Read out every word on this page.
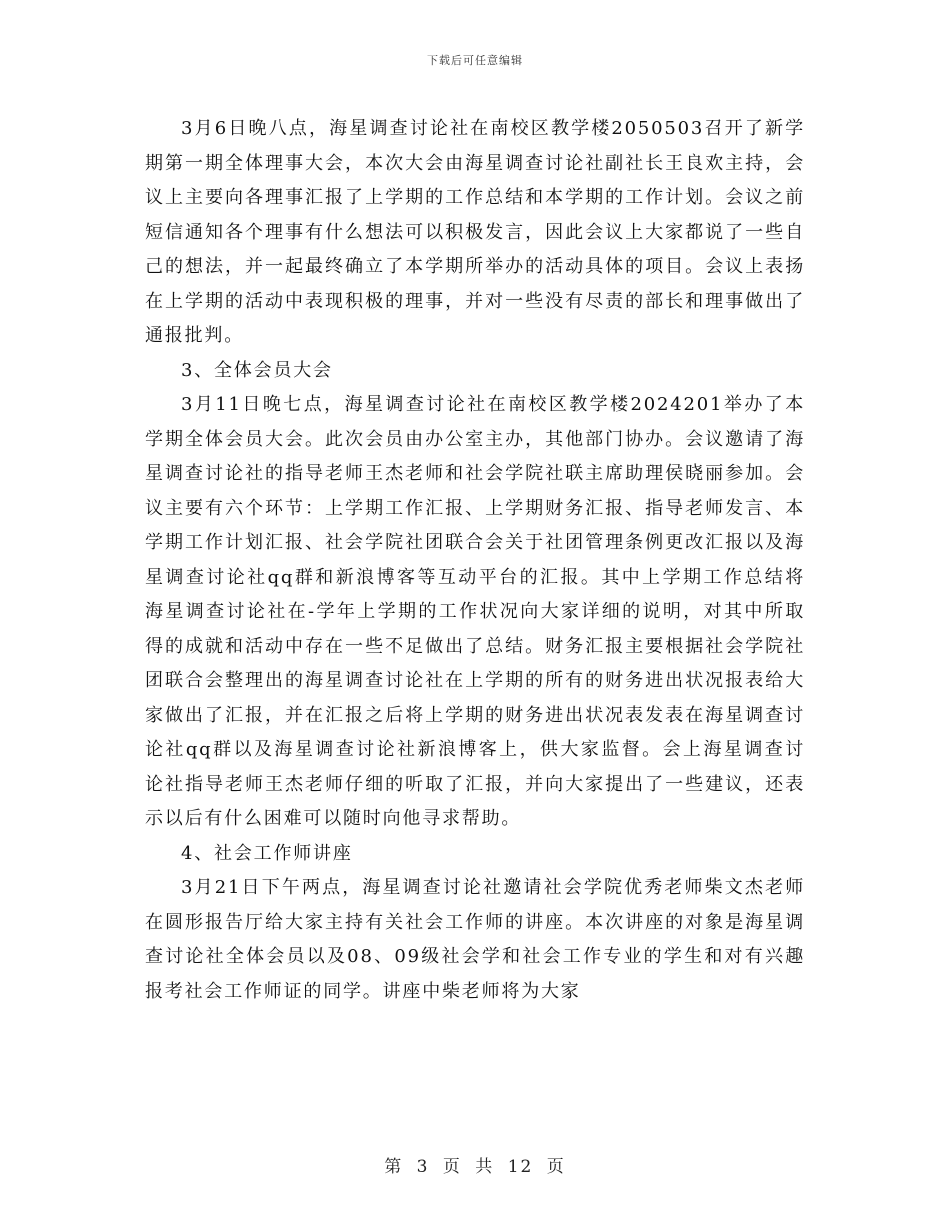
下载后可任意编辑

3月6日晚八点，海星调查讨论社在南校区教学楼2050503召开了新学期第一期全体理事大会，本次大会由海星调查讨论社副社长王良欢主持，会议上主要向各理事汇报了上学期的工作总结和本学期的工作计划。会议之前短信通知各个理事有什么想法可以积极发言，因此会议上大家都说了一些自己的想法，并一起最终确立了本学期所举办的活动具体的项目。会议上表扬在上学期的活动中表现积极的理事，并对一些没有尽责的部长和理事做出了通报批判。

3、全体会员大会

3月11日晚七点，海星调查讨论社在南校区教学楼2024201举办了本学期全体会员大会。此次会员由办公室主办，其他部门协办。会议邀请了海星调查讨论社的指导老师王杰老师和社会学院社联主席助理侯晓丽参加。会议主要有六个环节：上学期工作汇报、上学期财务汇报、指导老师发言、本学期工作计划汇报、社会学院社团联合会关于社团管理条例更改汇报以及海星调查讨论社qq群和新浪博客等互动平台的汇报。其中上学期工作总结将海星调查讨论社在-学年上学期的工作状况向大家详细的说明，对其中所取得的成就和活动中存在一些不足做出了总结。财务汇报主要根据社会学院社团联合会整理出的海星调查讨论社在上学期的所有的财务进出状况报表给大家做出了汇报，并在汇报之后将上学期的财务进出状况表发表在海星调查讨论社qq群以及海星调查讨论社新浪博客上，供大家监督。会上海星调查讨论社指导老师王杰老师仔细的听取了汇报，并向大家提出了一些建议，还表示以后有什么困难可以随时向他寻求帮助。

4、社会工作师讲座

3月21日下午两点，海星调查讨论社邀请社会学院优秀老师柴文杰老师在圆形报告厅给大家主持有关社会工作师的讲座。本次讲座的对象是海星调查讨论社全体会员以及08、09级社会学和社会工作专业的学生和对有兴趣报考社会工作师证的同学。讲座中柴老师将为大家

第 3 页 共 12 页
